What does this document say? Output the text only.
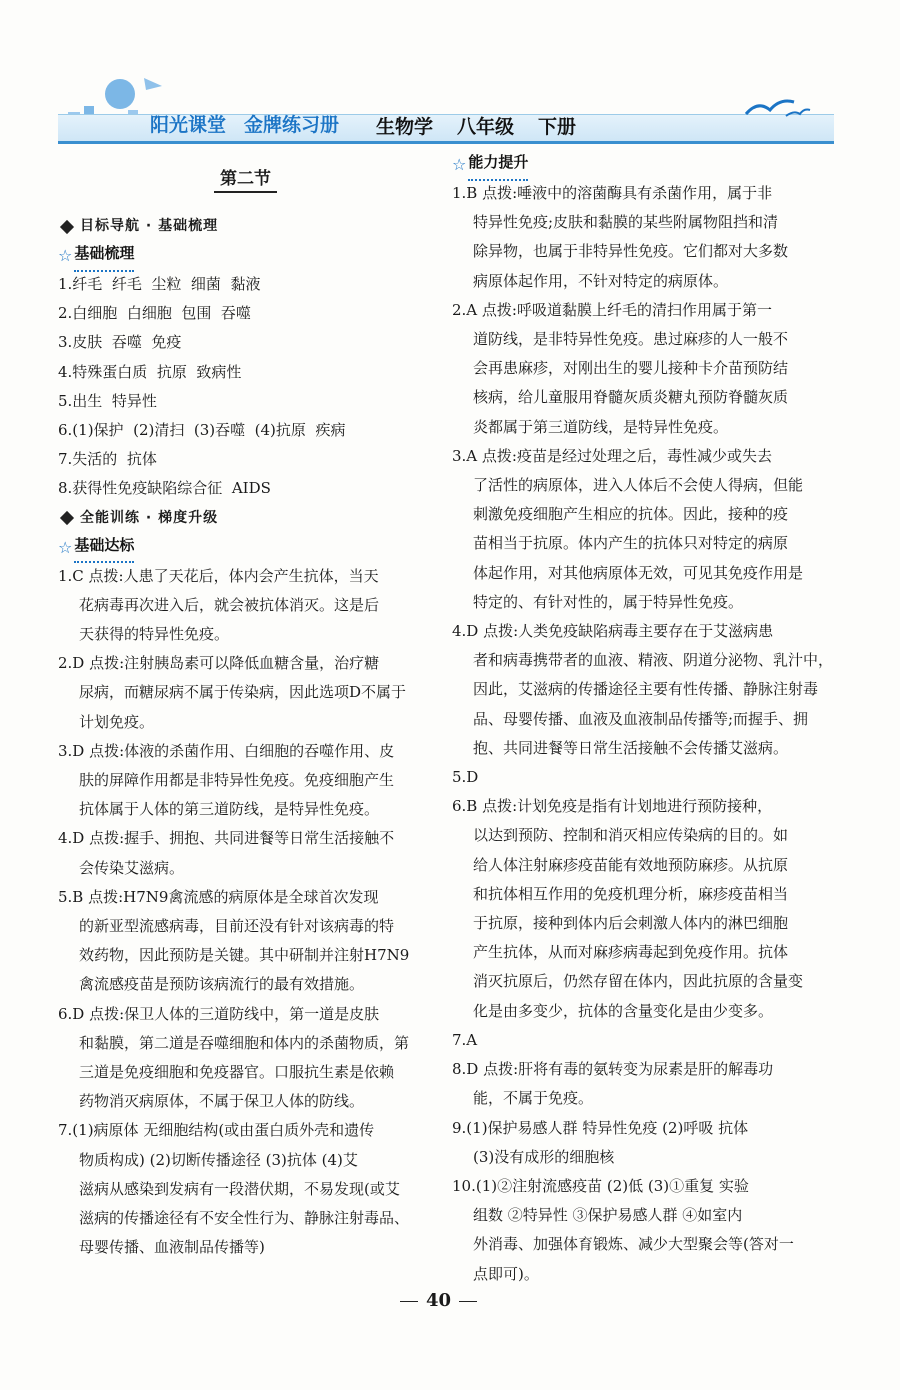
阳光课堂 金牌练习册 生物学 八年级 下册
第二节
目标导航 · 基础梳理
☆ 基础梳理
1.纤毛  纤毛  尘粒  细菌  黏液
2.白细胞  白细胞  包围  吞噬
3.皮肤  吞噬  免疫
4.特殊蛋白质  抗原  致病性
5.出生  特异性
6.(1)保护  (2)清扫  (3)吞噬  (4)抗原  疾病
7.失活的  抗体
8.获得性免疫缺陷综合征  AIDS
全能训练 · 梯度升级
☆ 基础达标
1.C 点拨:人患了天花后，体内会产生抗体，当天
花病毒再次进入后，就会被抗体消灭。这是后
天获得的特异性免疫。
2.D 点拨:注射胰岛素可以降低血糖含量，治疗糖
尿病，而糖尿病不属于传染病，因此选项D不属于
计划免疫。
3.D 点拨:体液的杀菌作用、白细胞的吞噬作用、皮
肤的屏障作用都是非特异性免疫。免疫细胞产生
抗体属于人体的第三道防线，是特异性免疫。
4.D 点拨:握手、拥抱、共同进餐等日常生活接触不
会传染艾滋病。
5.B 点拨:H7N9禽流感的病原体是全球首次发现
的新亚型流感病毒，目前还没有针对该病毒的特
效药物，因此预防是关键。其中研制并注射H7N9
禽流感疫苗是预防该病流行的最有效措施。
6.D 点拨:保卫人体的三道防线中，第一道是皮肤
和黏膜，第二道是吞噬细胞和体内的杀菌物质，第
三道是免疫细胞和免疫器官。口服抗生素是依赖
药物消灭病原体，不属于保卫人体的防线。
7.(1)病原体 无细胞结构(或由蛋白质外壳和遗传
物质构成) (2)切断传播途径 (3)抗体 (4)艾
滋病从感染到发病有一段潜伏期，不易发现(或艾
滋病的传播途径有不安全性行为、静脉注射毒品、
母婴传播、血液制品传播等)
☆ 能力提升
1.B 点拨:唾液中的溶菌酶具有杀菌作用，属于非
特异性免疫;皮肤和黏膜的某些附属物阻挡和清
除异物，也属于非特异性免疫。它们都对大多数
病原体起作用，不针对特定的病原体。
2.A 点拨:呼吸道黏膜上纤毛的清扫作用属于第一
道防线，是非特异性免疫。患过麻疹的人一般不
会再患麻疹，对刚出生的婴儿接种卡介苗预防结
核病，给儿童服用脊髓灰质炎糖丸预防脊髓灰质
炎都属于第三道防线，是特异性免疫。
3.A 点拨:疫苗是经过处理之后，毒性减少或失去
了活性的病原体，进入人体后不会使人得病，但能
刺激免疫细胞产生相应的抗体。因此，接种的疫
苗相当于抗原。体内产生的抗体只对特定的病原
体起作用，对其他病原体无效，可见其免疫作用是
特定的、有针对性的，属于特异性免疫。
4.D 点拨:人类免疫缺陷病毒主要存在于艾滋病患
者和病毒携带者的血液、精液、阴道分泌物、乳汁中，
因此，艾滋病的传播途径主要有性传播、静脉注射毒
品、母婴传播、血液及血液制品传播等;而握手、拥
抱、共同进餐等日常生活接触不会传播艾滋病。
5.D
6.B 点拨:计划免疫是指有计划地进行预防接种，
以达到预防、控制和消灭相应传染病的目的。如
给人体注射麻疹疫苗能有效地预防麻疹。从抗原
和抗体相互作用的免疫机理分析，麻疹疫苗相当
于抗原，接种到体内后会刺激人体内的淋巴细胞
产生抗体，从而对麻疹病毒起到免疫作用。抗体
消灭抗原后，仍然存留在体内，因此抗原的含量变
化是由多变少，抗体的含量变化是由少变多。
7.A
8.D 点拨:肝将有毒的氨转变为尿素是肝的解毒功
能，不属于免疫。
9.(1)保护易感人群 特异性免疫 (2)呼吸 抗体
(3)没有成形的细胞核
10.(1)②注射流感疫苗 (2)低 (3)①重复 实验
组数 ②特异性 ③保护易感人群 ④如室内
外消毒、加强体育锻炼、减少大型聚会等(答对一
点即可)。
40
